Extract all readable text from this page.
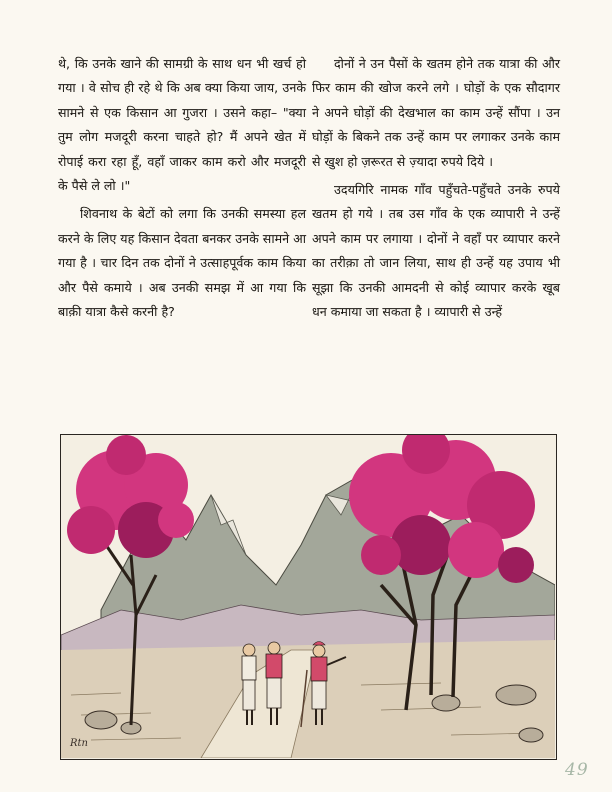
थे, कि उनके खाने की सामग्री के साथ धन भी खर्च हो गया । वे सोच ही रहे थे कि अब क्या किया जाय, उनके सामने से एक किसान आ गुजरा । उसने कहा– "क्या तुम लोग मजदूरी करना चाहते हो? मैं अपने खेत में रोपाई करा रहा हूँ, वहाँ जाकर काम करो और मजदूरी के पैसे ले लो ।"

शिवनाथ के बेटों को लगा कि उनकी समस्या हल करने के लिए यह किसान देवता बनकर उनके सामने आ गया है । चार दिन तक दोनों ने उत्साहपूर्वक काम किया और पैसे कमाये । अब उनकी समझ में आ गया कि बाक़ी यात्रा कैसे करनी है?

दोनों ने उन पैसों के खतम होने तक यात्रा की और फिर काम की खोज करने लगे । घोड़ों के एक सौदागर ने अपने घोड़ों की देखभाल का काम उन्हें सौंपा । उन घोड़ों के बिकने तक उन्हें काम पर लगाकर उनके काम से खुश हो ज़रूरत से ज़्यादा रुपये दिये ।

उदयगिरि नामक गाँव पहुँचते-पहुँचते उनके रुपये खतम हो गये । तब उस गाँव के एक व्यापारी ने उन्हें अपने काम पर लगाया । दोनों ने वहाँ पर व्यापार करने का तरीक़ा तो जान लिया, साथ ही उन्हें यह उपाय भी सूझा कि उनकी आमदनी से कोई व्यापार करके खूब धन कमाया जा सकता है । व्यापारी से उन्हें

Rtn
49
